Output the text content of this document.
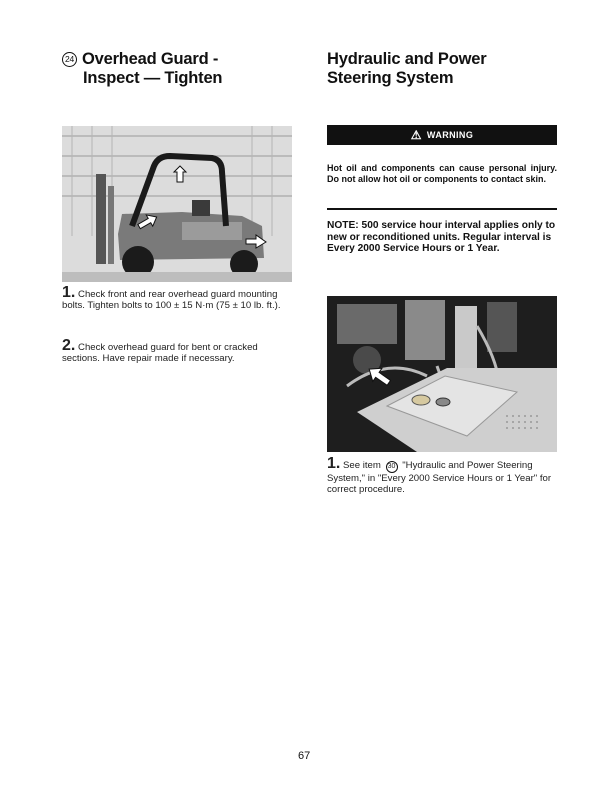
24 Overhead Guard -
Inspect — Tighten
1. Check front and rear overhead guard mounting bolts. Tighten bolts to 100 ± 15 N·m (75 ± 10 lb. ft.).
2. Check overhead guard for bent or cracked sections. Have repair made if necessary.
Hydraulic and Power
Steering System
⚠ WARNING
Hot oil and components can cause personal injury. Do not allow hot oil or components to contact skin.
NOTE: 500 service hour interval applies only to new or reconditioned units. Regular interval is Every 2000 Service Hours or 1 Year.
1. See item 30 "Hydraulic and Power Steering System," in "Every 2000 Service Hours or 1 Year" for correct procedure.
67
